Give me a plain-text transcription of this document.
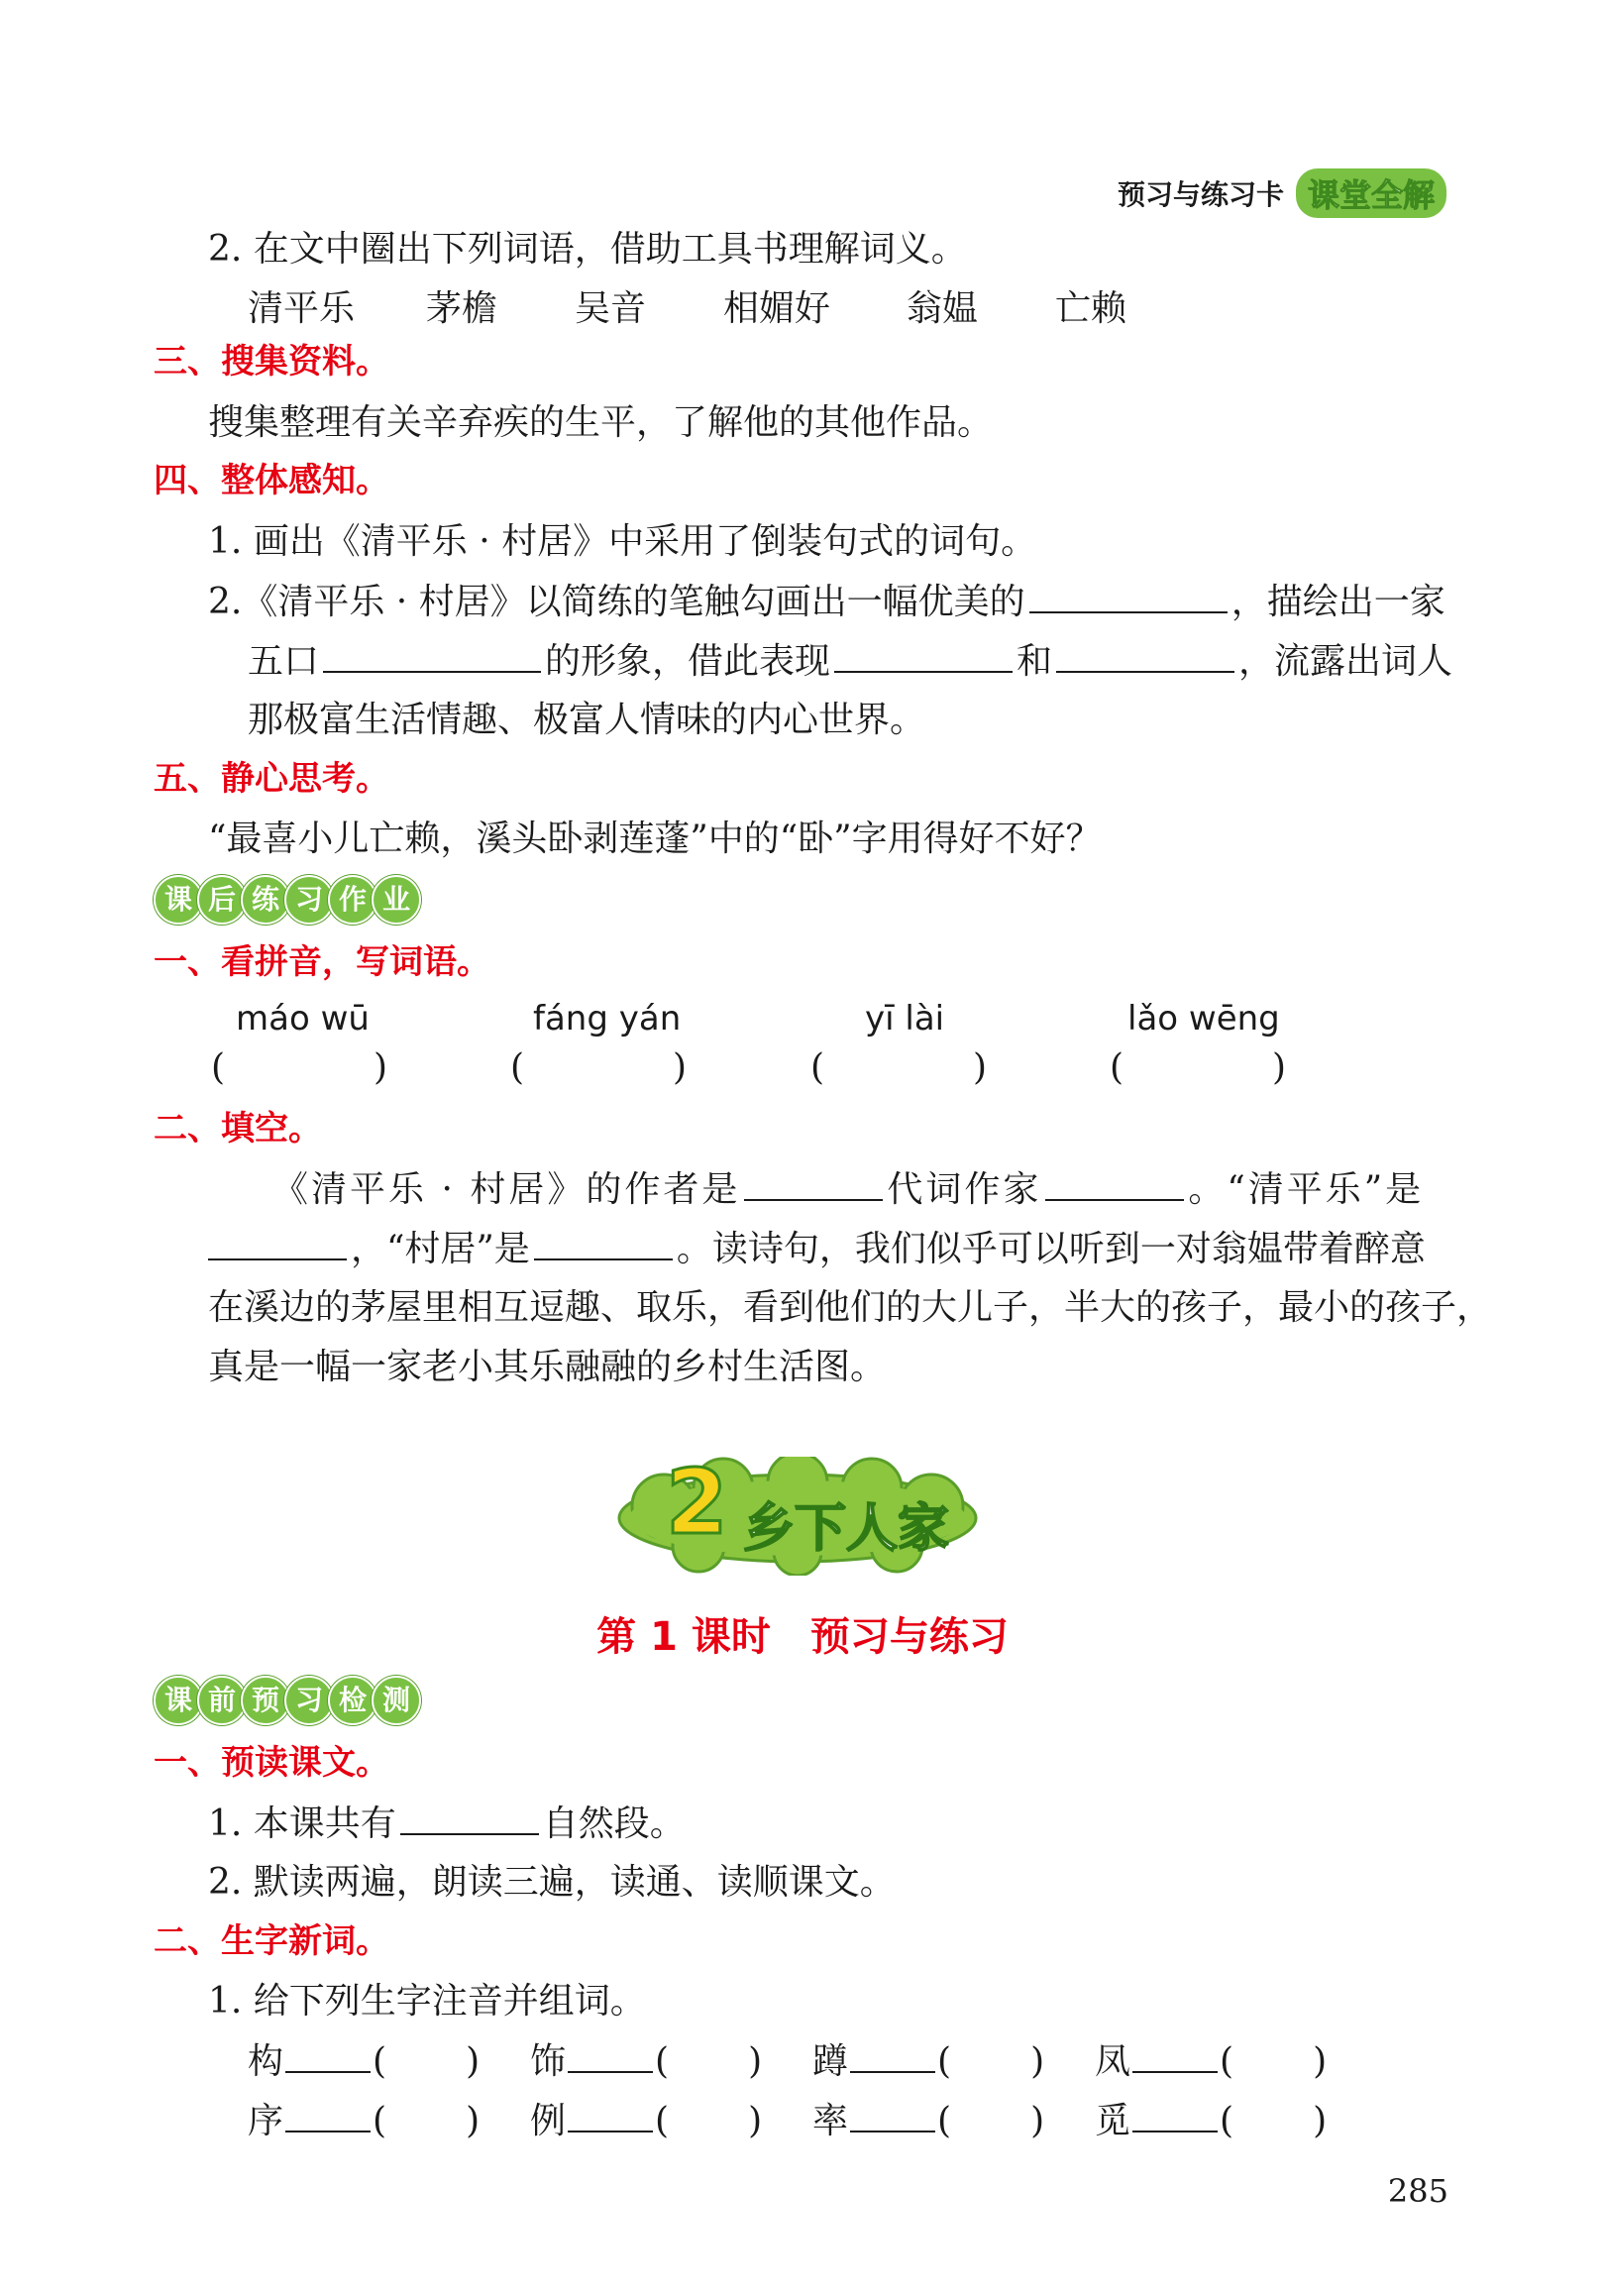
预习与练习卡 课堂全解
2. 在文中圈出下列词语，借助工具书理解词义。
清平乐 茅檐 吴音 相媚好 翁媪 亡赖
三、搜集资料。
搜集整理有关辛弃疾的生平，了解他的其他作品。
四、整体感知。
1. 画出《清平乐 · 村居》中采用了倒装句式的词句。
2.《清平乐 · 村居》以简练的笔触勾画出一幅优美的	，描绘出一家
五口	的形象，借此表现	和	，流露出词人
那极富生活情趣、极富人情味的内心世界。
五、静心思考。
“最喜小儿亡赖，溪头卧剥莲蓬”中的“卧”字用得好不好？
课 后 练 习 作 业
一、看拼音，写词语。
máo wū	fáng yán	yī lài	lǎo wēng
(	)	(	)	(	)	(	)
二、填空。
《清平乐 · 村居》的作者是	代词作家	。“清平乐”是
，“村居”是	。读诗句，我们似乎可以听到一对翁媪带着醉意
在溪边的茅屋里相互逗趣、取乐，看到他们的大儿子，半大的孩子，最小的孩子，
真是一幅一家老小其乐融融的乡村生活图。
2 乡下人家
第 1 课时　预习与练习
课 前 预 习 检 测
一、预读课文。
1. 本课共有	自然段。
2. 默读两遍，朗读三遍，读通、读顺课文。
二、生字新词。
1. 给下列生字注音并组词。
构	( ) 饰	( ) 蹲	( ) 凤	( )
序	( ) 例	( ) 率	( ) 觅	( )
285
